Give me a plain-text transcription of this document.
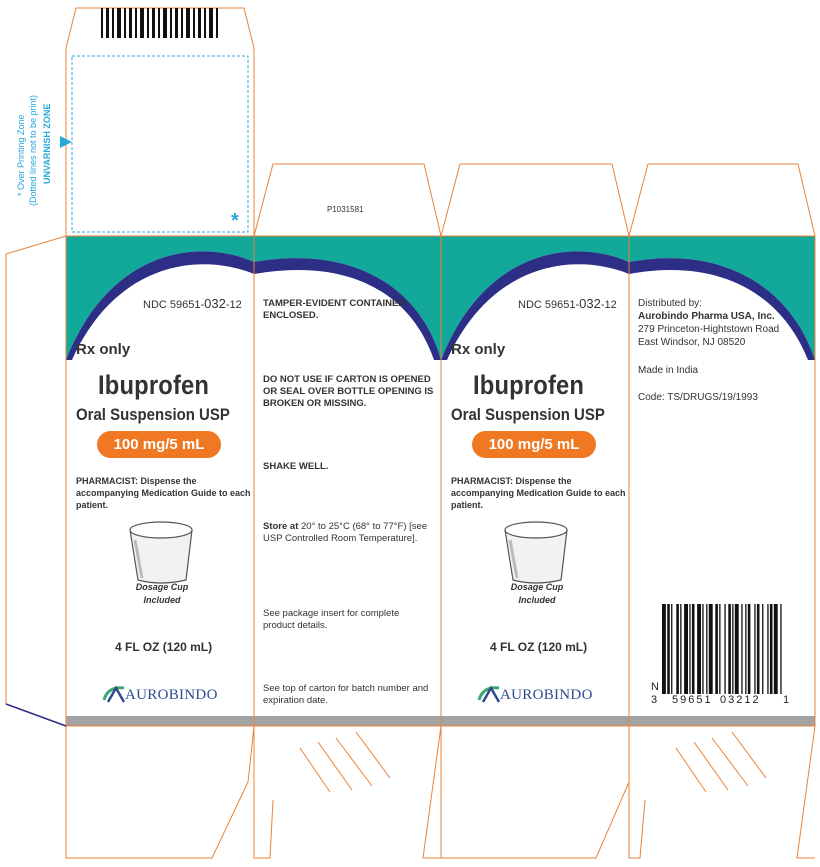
* Over Printing Zone (Dotted lines not to be print) UNVARNISH ZONE
*
P1031581
NDC 59651-032-12
Rx only
Ibuprofen
Oral Suspension USP
100 mg/5 mL
PHARMACIST: Dispense the accompanying Medication Guide to each patient.
Dosage Cup
Included
4 FL OZ (120 mL)
AUROBINDO
TAMPER-EVIDENT CONTAINER ENCLOSED.
DO NOT USE IF CARTON IS OPENED OR SEAL OVER BOTTLE OPENING IS BROKEN OR MISSING.
SHAKE WELL.
Store at 20° to 25°C (68° to 77°F) [see USP Controlled Room Temperature].
See package insert for complete product details.
See top of carton for batch number and expiration date.
NDC 59651-032-12
Rx only
Ibuprofen
Oral Suspension USP
100 mg/5 mL
PHARMACIST: Dispense the accompanying Medication Guide to each patient.
Dosage Cup
Included
4 FL OZ (120 mL)
AUROBINDO
Distributed by:
Aurobindo Pharma USA, Inc.
279 Princeton-Hightstown Road
East Windsor, NJ 08520
Made in India
Code: TS/DRUGS/19/1993
N
3 59651 03212 1
